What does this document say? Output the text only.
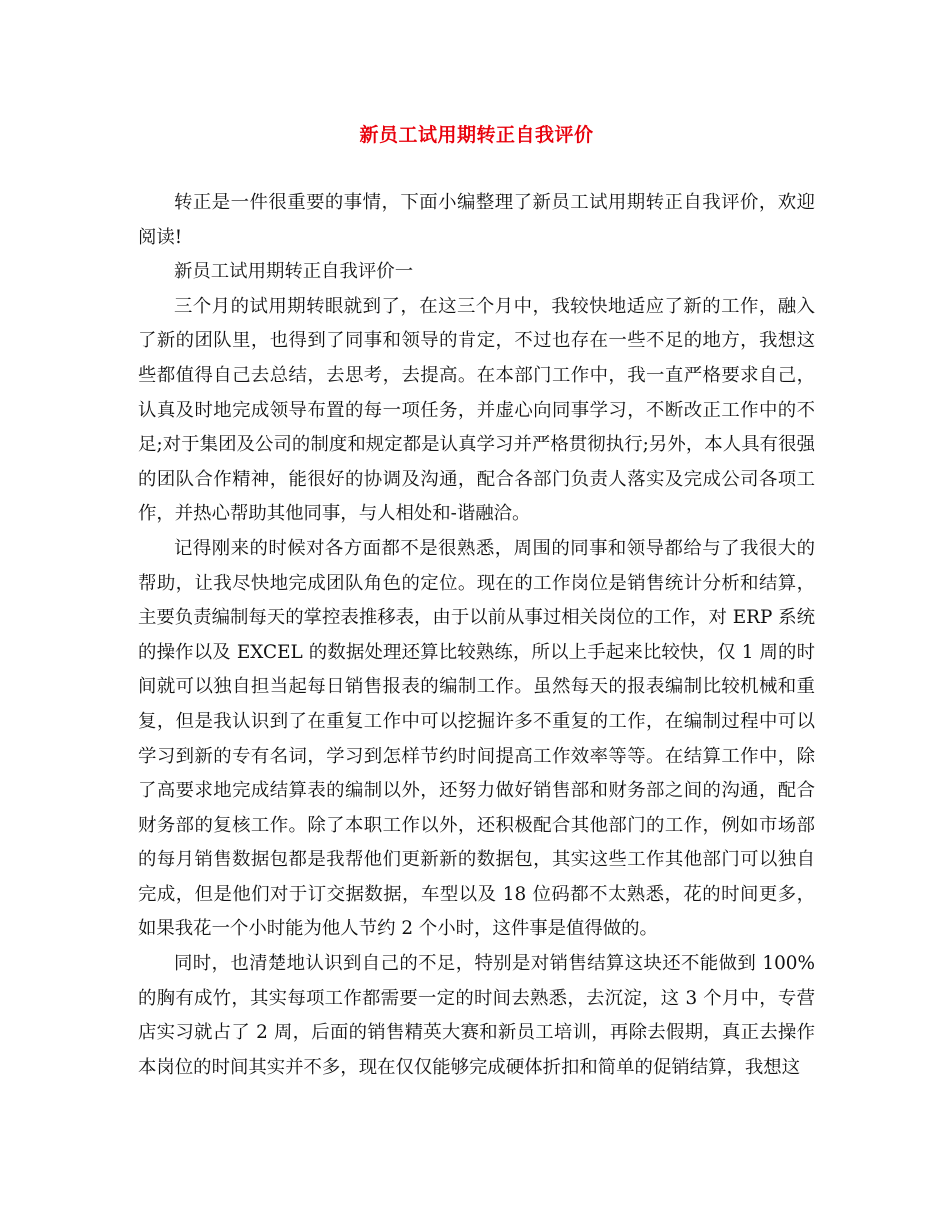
新员工试用期转正自我评价

转正是一件很重要的事情，下面小编整理了新员工试用期转正自我评价，欢迎阅读!

新员工试用期转正自我评价一

三个月的试用期转眼就到了，在这三个月中，我较快地适应了新的工作，融入了新的团队里，也得到了同事和领导的肯定，不过也存在一些不足的地方，我想这些都值得自己去总结，去思考，去提高。在本部门工作中，我一直严格要求自己，认真及时地完成领导布置的每一项任务，并虚心向同事学习，不断改正工作中的不足;对于集团及公司的制度和规定都是认真学习并严格贯彻执行;另外，本人具有很强的团队合作精神，能很好的协调及沟通，配合各部门负责人落实及完成公司各项工作，并热心帮助其他同事，与人相处和-谐融洽。

记得刚来的时候对各方面都不是很熟悉，周围的同事和领导都给与了我很大的帮助，让我尽快地完成团队角色的定位。现在的工作岗位是销售统计分析和结算，主要负责编制每天的掌控表推移表，由于以前从事过相关岗位的工作，对 ERP 系统的操作以及 EXCEL 的数据处理还算比较熟练，所以上手起来比较快，仅 1 周的时间就可以独自担当起每日销售报表的编制工作。虽然每天的报表编制比较机械和重复，但是我认识到了在重复工作中可以挖掘许多不重复的工作，在编制过程中可以学习到新的专有名词，学习到怎样节约时间提高工作效率等等。在结算工作中，除了高要求地完成结算表的编制以外，还努力做好销售部和财务部之间的沟通，配合财务部的复核工作。除了本职工作以外，还积极配合其他部门的工作，例如市场部的每月销售数据包都是我帮他们更新新的数据包，其实这些工作其他部门可以独自完成，但是他们对于订交据数据，车型以及 18 位码都不太熟悉，花的时间更多，如果我花一个小时能为他人节约 2 个小时，这件事是值得做的。

同时，也清楚地认识到自己的不足，特别是对销售结算这块还不能做到 100%的胸有成竹，其实每项工作都需要一定的时间去熟悉，去沉淀，这 3 个月中，专营店实习就占了 2 周，后面的销售精英大赛和新员工培训，再除去假期，真正去操作本岗位的时间其实并不多，现在仅仅能够完成硬体折扣和简单的促销结算，我想这
